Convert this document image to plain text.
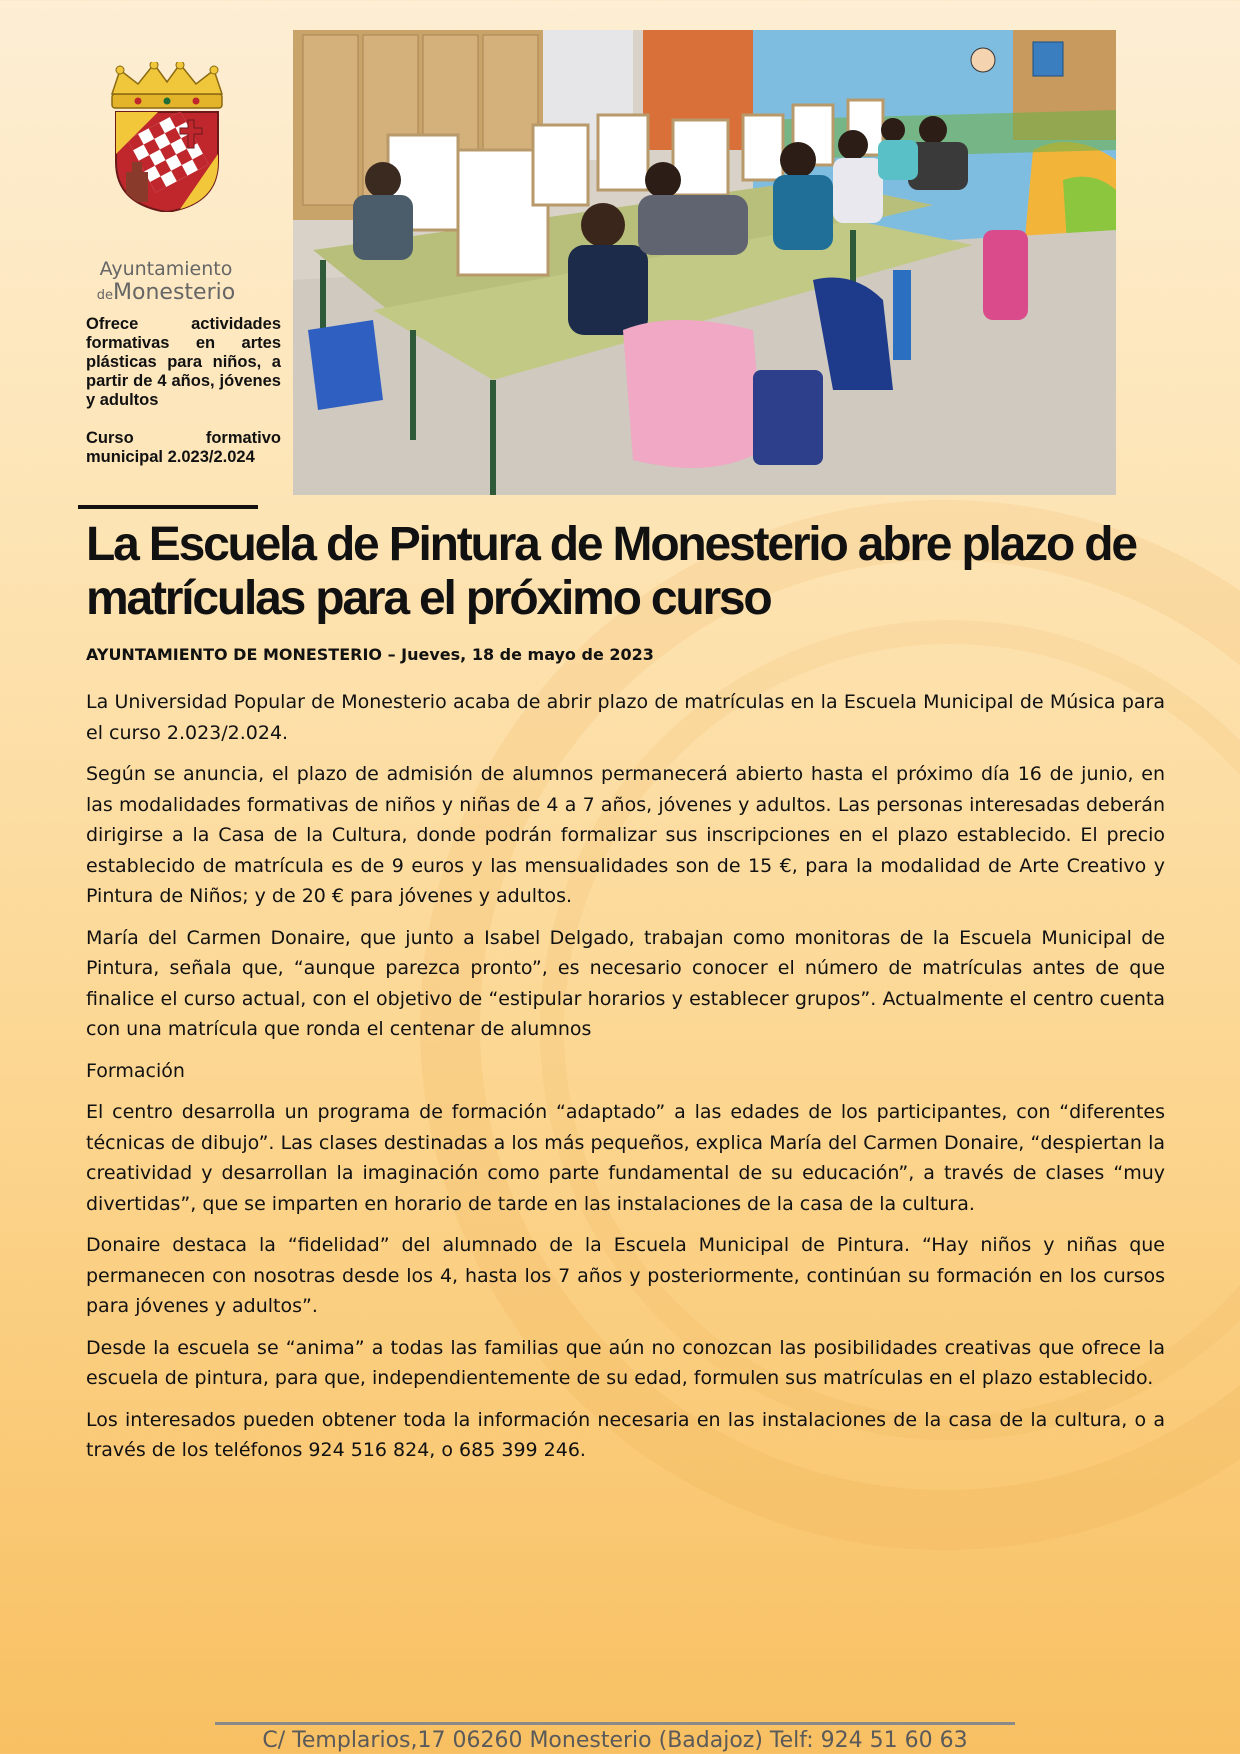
Ayuntamiento
deMonesterio
Ofrece actividades formativas en artes plásticas para niños, a partir de 4 años, jóvenes y adultos
Curso formativo municipal 2.023/2.024
La Escuela de Pintura de Monesterio abre plazo de matrículas para el próximo curso

AYUNTAMIENTO DE MONESTERIO – Jueves, 18 de mayo de 2023

La Universidad Popular de Monesterio acaba de abrir plazo de matrículas en la Escuela Municipal de Música para el curso 2.023/2.024.

Según se anuncia, el plazo de admisión de alumnos permanecerá abierto hasta el próximo día 16 de junio, en las modalidades formativas de niños y niñas de 4 a 7 años, jóvenes y adultos. Las personas interesadas deberán dirigirse a la Casa de la Cultura, donde podrán formalizar sus inscripciones en el plazo establecido. El precio establecido de matrícula es de 9 euros y las mensualidades son de 15 €, para la modalidad de Arte Creativo y Pintura de Niños; y de 20 € para jóvenes y adultos.

María del Carmen Donaire, que junto a Isabel Delgado, trabajan como monitoras de la Escuela Municipal de Pintura, señala que, “aunque parezca pronto”, es necesario conocer el número de matrículas antes de que finalice el curso actual, con el objetivo de “estipular horarios y establecer grupos”. Actualmente el centro cuenta con una matrícula que ronda el centenar de alumnos

Formación

El centro desarrolla un programa de formación “adaptado” a las edades de los participantes, con “diferentes técnicas de dibujo”. Las clases destinadas a los más pequeños, explica María del Carmen Donaire, “despiertan la creatividad y desarrollan la imaginación como parte fundamental de su educación”, a través de clases “muy divertidas”, que se imparten en horario de tarde en las instalaciones de la casa de la cultura.

Donaire destaca la “fidelidad” del alumnado de la Escuela Municipal de Pintura. “Hay niños y niñas que permanecen con nosotras desde los 4, hasta los 7 años y posteriormente, continúan su formación en los cursos para jóvenes y adultos”.

Desde la escuela se “anima” a todas las familias que aún no conozcan las posibilidades creativas que ofrece la escuela de pintura, para que, independientemente de su edad, formulen sus matrículas en el plazo establecido.

Los interesados pueden obtener toda la información necesaria en las instalaciones de la casa de la cultura, o a través de los teléfonos 924 516 824, o 685 399 246.

C/ Templarios,17 06260 Monesterio (Badajoz) Telf: 924 51 60 63
